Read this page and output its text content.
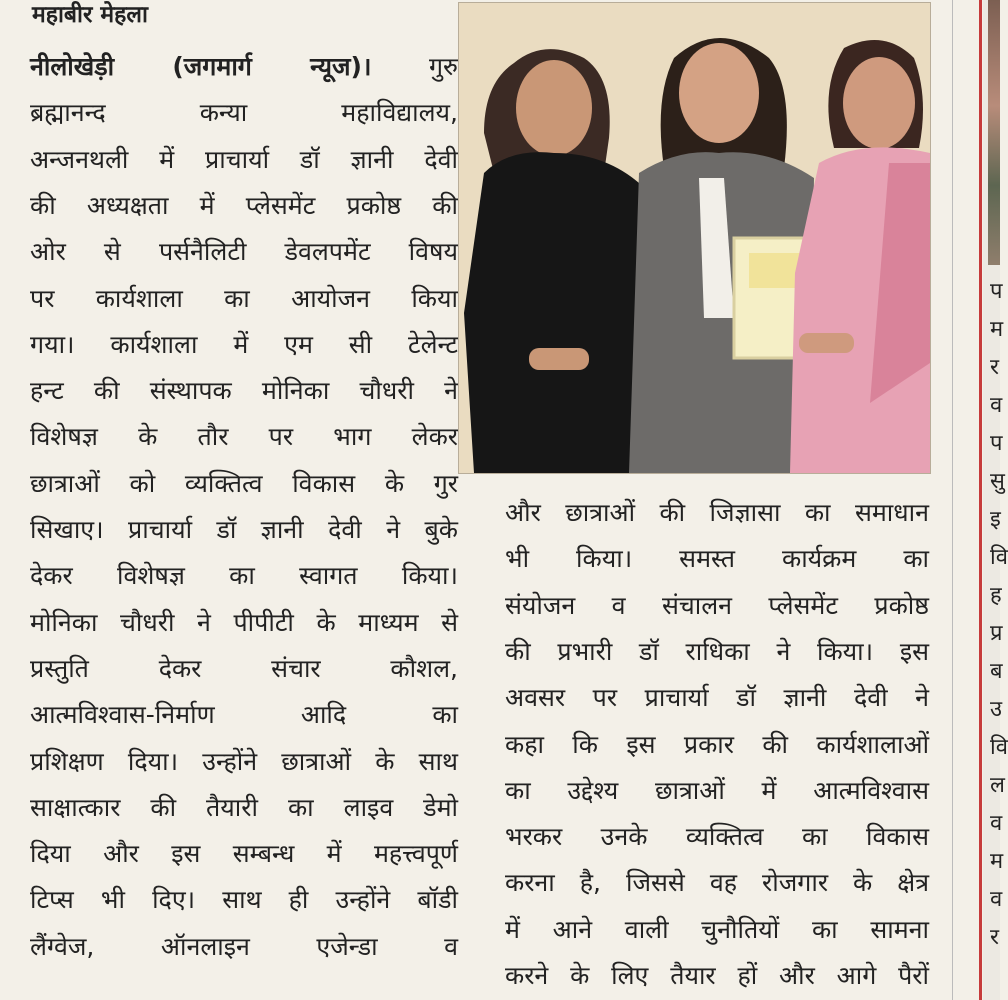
महाबीर मेहला
नीलोखेड़ी (जगमार्ग न्यूज)। गुरु
ब्रह्मानन्द कन्या महाविद्यालय,
अन्जनथली में प्राचार्या डॉ ज्ञानी देवी
की अध्यक्षता में प्लेसमेंट प्रकोष्ठ की
ओर से पर्सनैलिटी डेवलपमेंट विषय
पर कार्यशाला का आयोजन किया
गया। कार्यशाला में एम सी टेलेन्ट
हन्ट की संस्थापक मोनिका चौधरी ने
विशेषज्ञ के तौर पर भाग लेकर
छात्राओं को व्यक्तित्व विकास के गुर
सिखाए। प्राचार्या डॉ ज्ञानी देवी ने बुके
देकर विशेषज्ञ का स्वागत किया।
मोनिका चौधरी ने पीपीटी के माध्यम से
प्रस्तुति देकर संचार कौशल,
आत्मविश्वास-निर्माण आदि का
प्रशिक्षण दिया। उन्होंने छात्राओं के साथ
साक्षात्कार की तैयारी का लाइव डेमो
दिया और इस सम्बन्ध में महत्त्वपूर्ण
टिप्स भी दिए। साथ ही उन्होंने बॉडी
लैंग्वेज, ऑनलाइन एजेन्डा व
और छात्राओं की जिज्ञासा का समाधान
भी किया। समस्त कार्यक्रम का
संयोजन व संचालन प्लेसमेंट प्रकोष्ठ
की प्रभारी डॉ राधिका ने किया। इस
अवसर पर प्राचार्या डॉ ज्ञानी देवी ने
कहा कि इस प्रकार की कार्यशालाओं
का उद्देश्य छात्राओं में आत्मविश्वास
भरकर उनके व्यक्तित्व का विकास
करना है, जिससे वह रोजगार के क्षेत्र
में आने वाली चुनौतियों का सामना
करने के लिए तैयार हों और आगे पैरों
प
म
र
व
प
सु
इ
वि
ह
प्र
ब
उ
वि
ल
व
म
व
र
